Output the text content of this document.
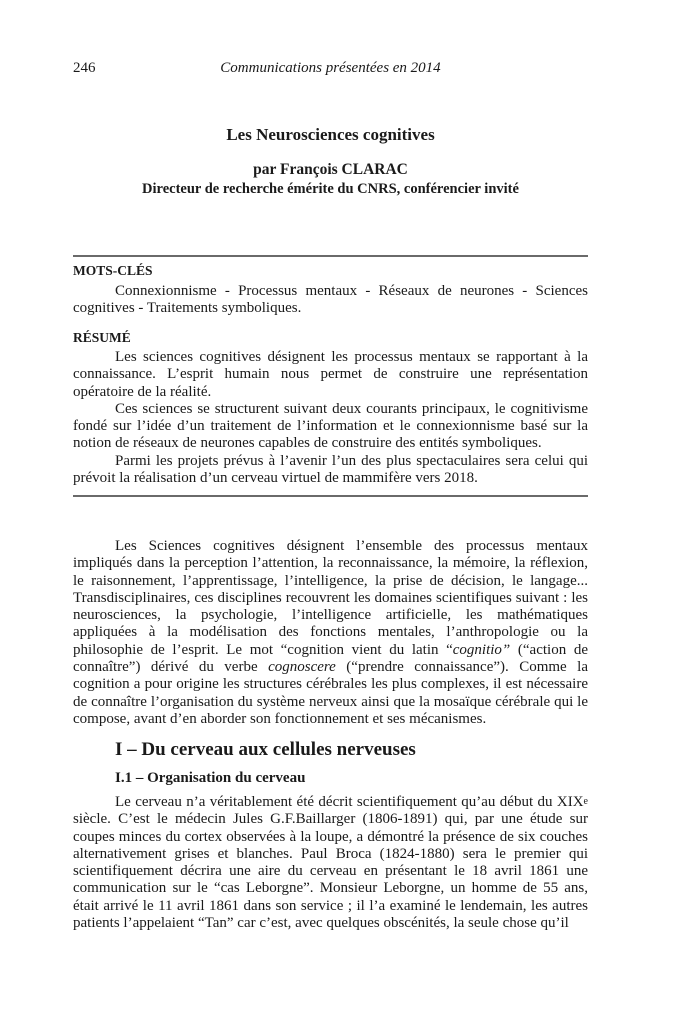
246	Communications présentées en 2014
Les Neurosciences cognitives
par François CLARAC
Directeur de recherche émérite du CNRS, conférencier invité
MOTS-CLÉS

Connexionnisme - Processus mentaux - Réseaux de neurones - Sciences cognitives - Traitements symboliques.

RÉSUMÉ

Les sciences cognitives désignent les processus mentaux se rapportant à la connaissance. L’esprit humain nous permet de construire une représentation opératoire de la réalité.

Ces sciences se structurent suivant deux courants principaux, le cognitivisme fondé sur l’idée d’un traitement de l’information et le connexionnisme basé sur la notion de réseaux de neurones capables de construire des entités symboliques.

Parmi les projets prévus à l’avenir l’un des plus spectaculaires sera celui qui prévoit la réalisation d’un cerveau virtuel de mammifère vers 2018.

Les Sciences cognitives désignent l’ensemble des processus mentaux impliqués dans la perception l’attention, la reconnaissance, la mémoire, la réflexion, le raisonnement, l’apprentissage, l’intelligence, la prise de décision, le langage... Transdisciplinaires, ces disciplines recouvrent les domaines scientifiques suivant : les neurosciences, la psychologie, l’intelligence artificielle, les mathématiques appliquées à la modélisation des fonctions mentales, l’anthropologie ou la philosophie de l’esprit. Le mot “cognition vient du latin “cognitio” (“action de connaître”) dérivé du verbe cognoscere (“prendre connaissance”). Comme la cognition a pour origine les structures cérébrales les plus complexes, il est nécessaire de connaître l’organisation du système nerveux ainsi que la mosaïque cérébrale qui le compose, avant d’en aborder son fonctionnement et ses mécanismes.

I – Du cerveau aux cellules nerveuses
I.1 – Organisation du cerveau

Le cerveau n’a véritablement été décrit scientifiquement qu’au début du XIXe siècle. C’est le médecin Jules G.F.Baillarger (1806-1891) qui, par une étude sur coupes minces du cortex observées à la loupe, a démontré la présence de six couches alternativement grises et blanches. Paul Broca (1824-1880) sera le premier qui scientifiquement décrira une aire du cerveau en présentant le 18 avril 1861 une communication sur le “cas Leborgne”. Monsieur Leborgne, un homme de 55 ans, était arrivé le 11 avril 1861 dans son service ; il l’a examiné le lendemain, les autres patients l’appelaient “Tan” car c’est, avec quelques obscénités, la seule chose qu’il
